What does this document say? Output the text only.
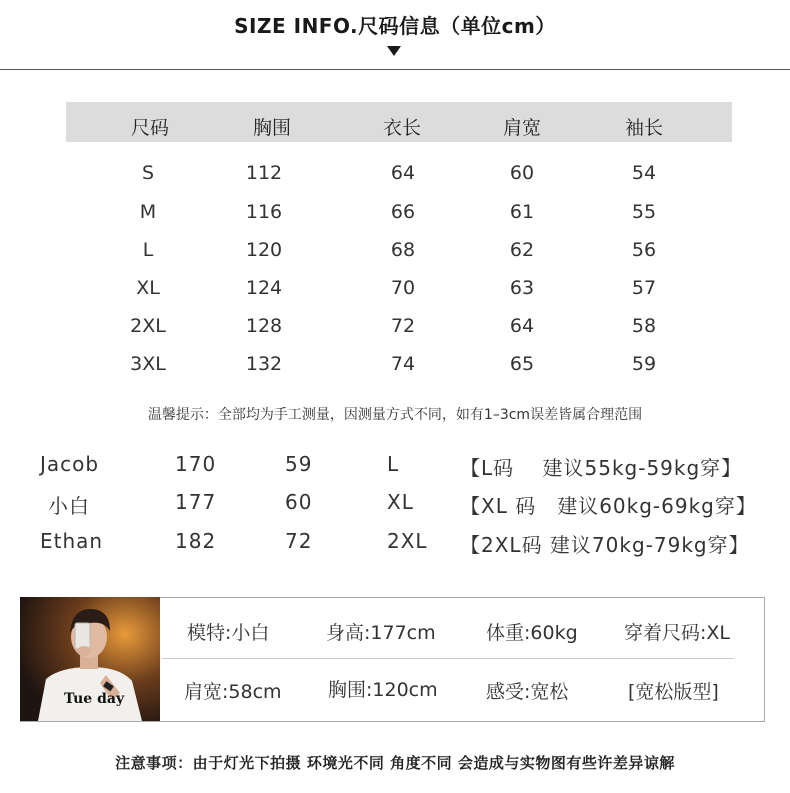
SIZE INFO.尺码信息（单位cm）
尺码	胸围	衣长	肩宽	袖长
S	112	64	60	54
M	116	66	61	55
L	120	68	62	56
XL	124	70	63	57
2XL	128	72	64	58
3XL	132	74	65	59
温馨提示：全部均为手工测量，因测量方式不同，如有1–3cm误差皆属合理范围
Jacob	170	59	L	【L码　 建议55kg-59kg穿】
小白	177	60	XL 【XL 码　建议60kg-69kg穿】
Ethan	182	72	2XL 【2XL码 建议70kg-79kg穿】
Tue day
模特:小白	身高:177cm	体重:60kg 穿着尺码:XL
肩宽:58cm 胸围:120cm	感受:宽松	[宽松版型]
注意事项：由于灯光下拍摄 环境光不同 角度不同 会造成与实物图有些许差异谅解
